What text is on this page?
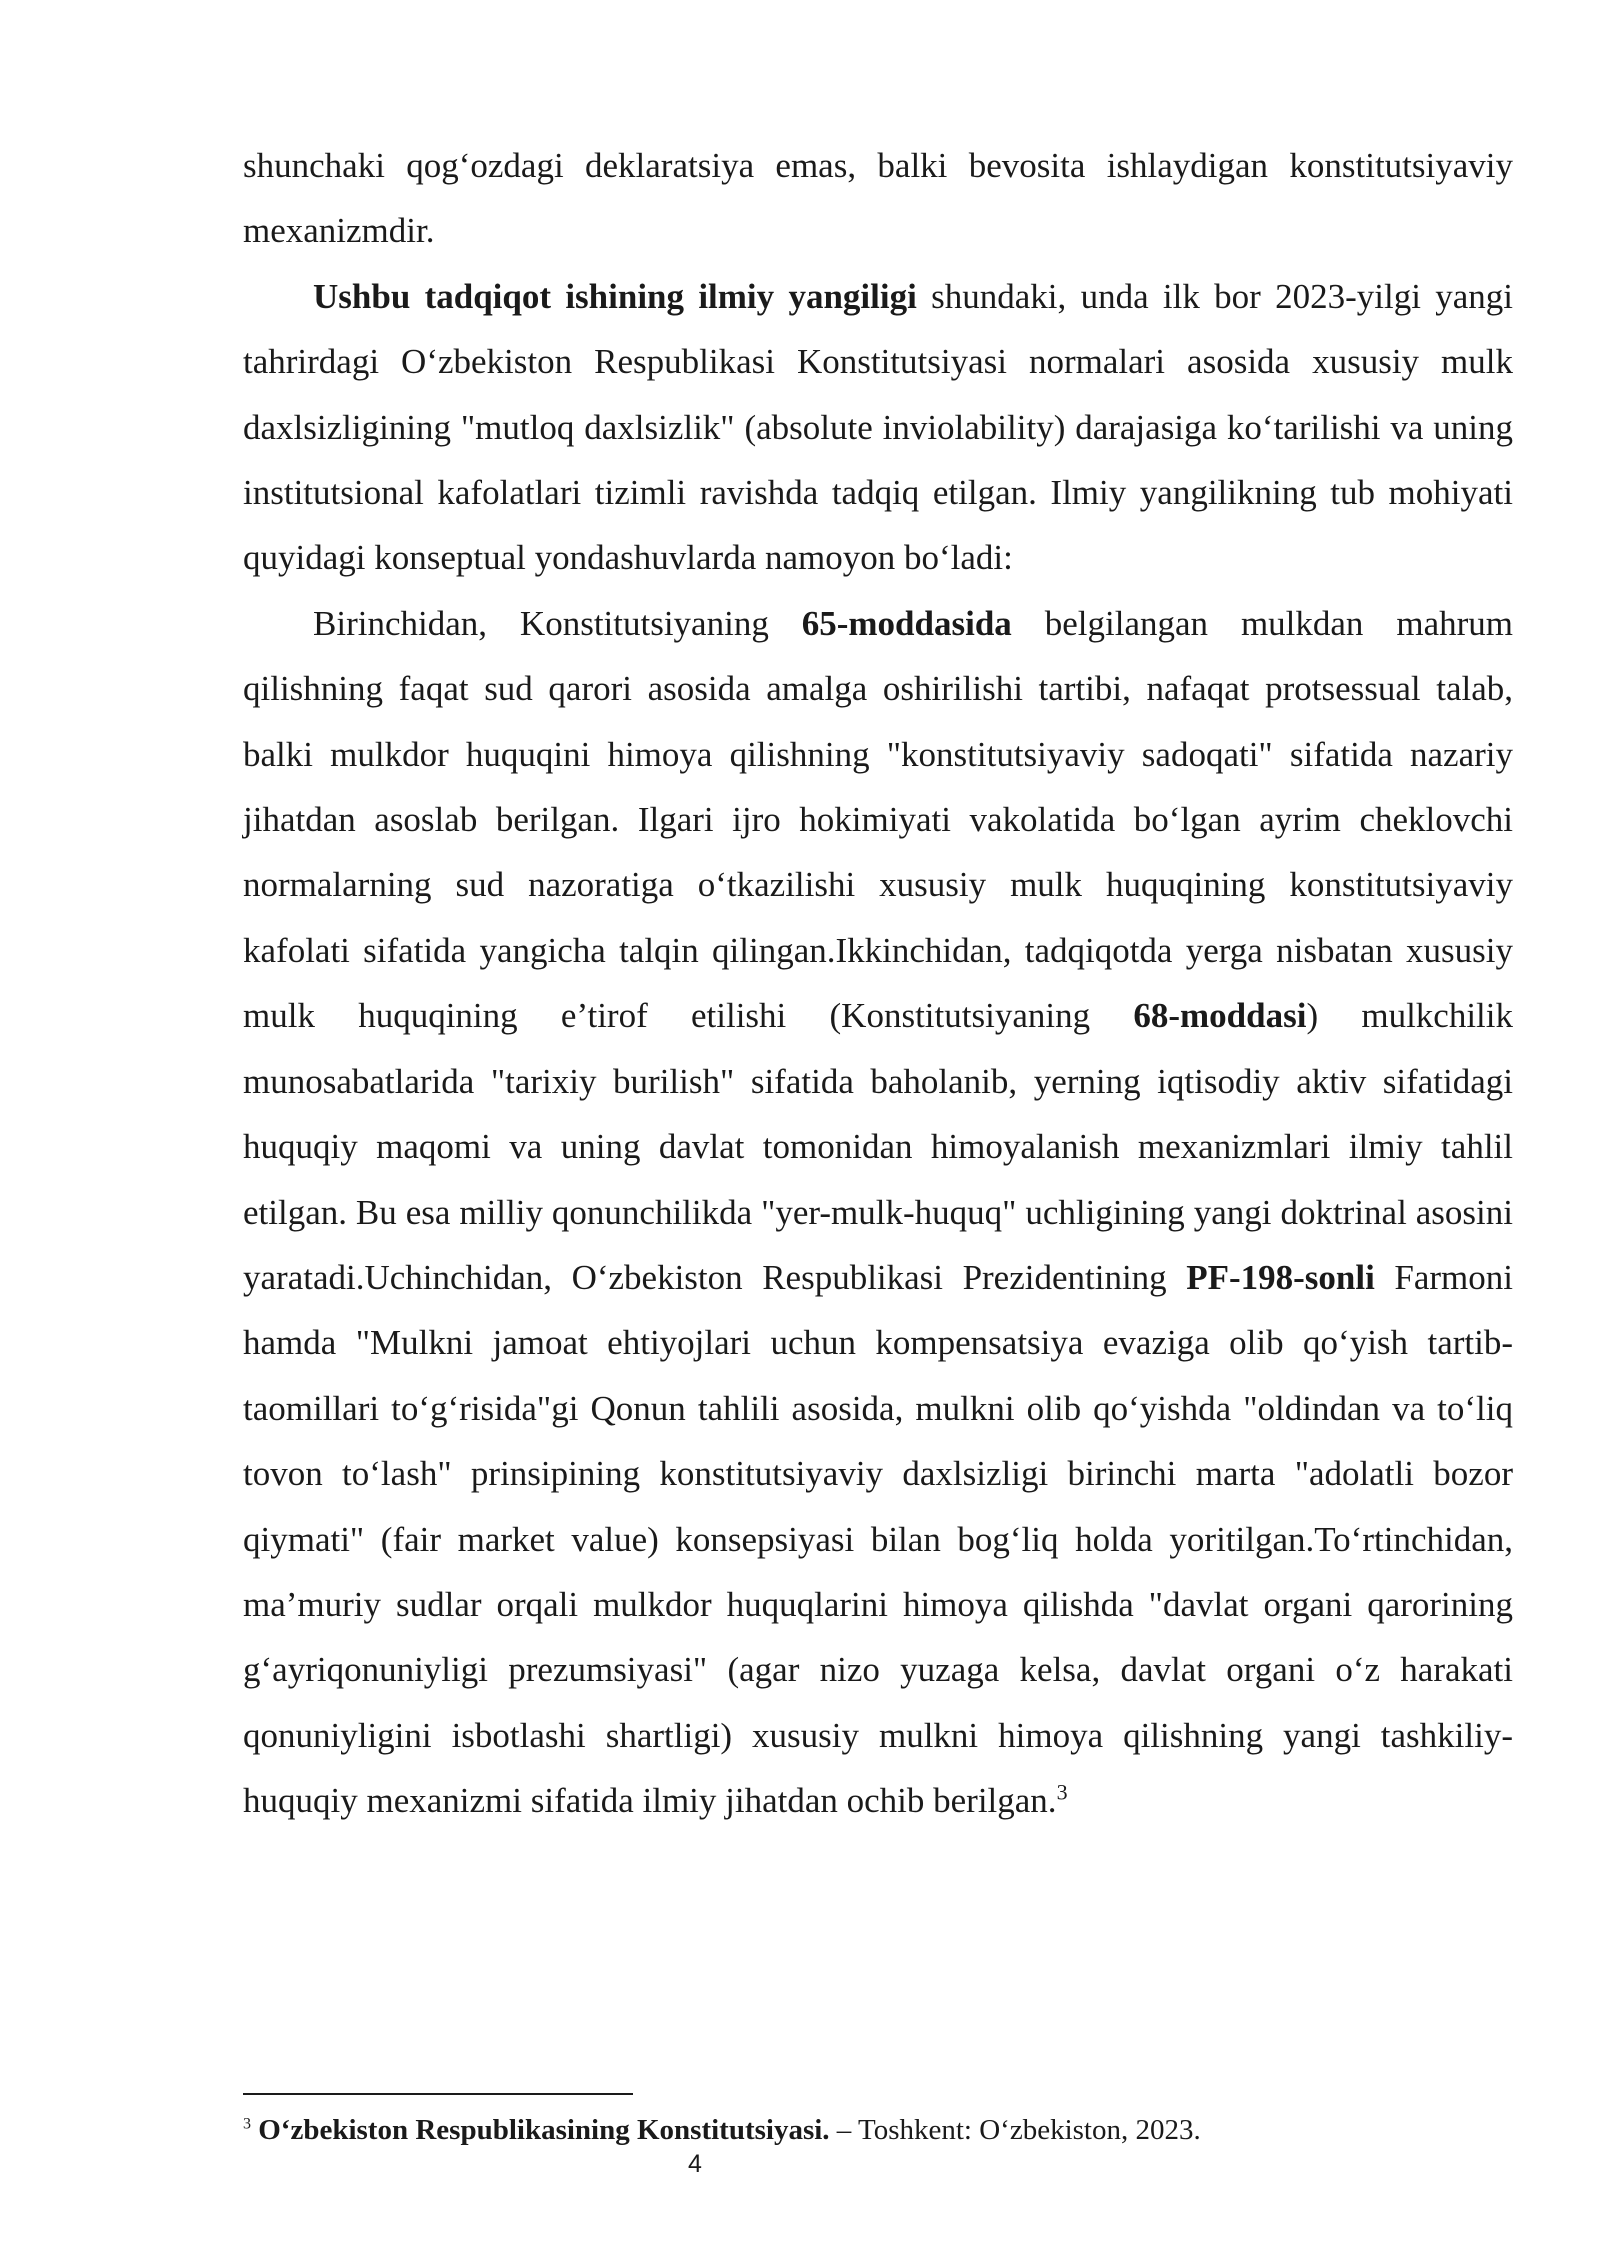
shunchaki qog‘ozdagi deklaratsiya emas, balki bevosita ishlaydigan konstitutsiyaviy mexanizmdir.

Ushbu tadqiqot ishining ilmiy yangiligi shundaki, unda ilk bor 2023-yilgi yangi tahrirdagi O‘zbekiston Respublikasi Konstitutsiyasi normalari asosida xususiy mulk daxlsizligining "mutloq daxlsizlik" (absolute inviolability) darajasiga ko‘tarilishi va uning institutsional kafolatlari tizimli ravishda tadqiq etilgan. Ilmiy yangilikning tub mohiyati quyidagi konseptual yondashuvlarda namoyon bo‘ladi:

Birinchidan, Konstitutsiyaning 65-moddasida belgilangan mulkdan mahrum qilishning faqat sud qarori asosida amalga oshirilishi tartibi, nafaqat protsessual talab, balki mulkdor huquqini himoya qilishning "konstitutsiyaviy sadoqati" sifatida nazariy jihatdan asoslab berilgan. Ilgari ijro hokimiyati vakolatida bo‘lgan ayrim cheklovchi normalarning sud nazoratiga o‘tkazilishi xususiy mulk huquqining konstitutsiyaviy kafolati sifatida yangicha talqin qilingan.Ikkinchidan, tadqiqotda yerga nisbatan xususiy mulk huquqining e’tirof etilishi (Konstitutsiyaning 68-moddasi) mulkchilik munosabatlarida "tarixiy burilish" sifatida baholanib, yerning iqtisodiy aktiv sifatidagi huquqiy maqomi va uning davlat tomonidan himoyalanish mexanizmlari ilmiy tahlil etilgan. Bu esa milliy qonunchilikda "yer-mulk-huquq" uchligining yangi doktrinal asosini yaratadi.Uchinchidan, O‘zbekiston Respublikasi Prezidentining PF-198-sonli Farmoni hamda "Mulkni jamoat ehtiyojlari uchun kompensatsiya evaziga olib qo‘yish tartib-taomillari to‘g‘risida"gi Qonun tahlili asosida, mulkni olib qo‘yishda "oldindan va to‘liq tovon to‘lash" prinsipining konstitutsiyaviy daxlsizligi birinchi marta "adolatli bozor qiymati" (fair market value) konsepsiyasi bilan bog‘liq holda yoritilgan.To‘rtinchidan, ma’muriy sudlar orqali mulkdor huquqlarini himoya qilishda "davlat organi qarorining g‘ayriqonuniyligi prezumsiyasi" (agar nizo yuzaga kelsa, davlat organi o‘z harakati qonuniyligini isbotlashi shartligi) xususiy mulkni himoya qilishning yangi tashkiliy-huquqiy mexanizmi sifatida ilmiy jihatdan ochib berilgan.$^3$

$^3$ O‘zbekiston Respublikasining Konstitutsiyasi. – Toshkent: O‘zbekiston, 2023.
4
